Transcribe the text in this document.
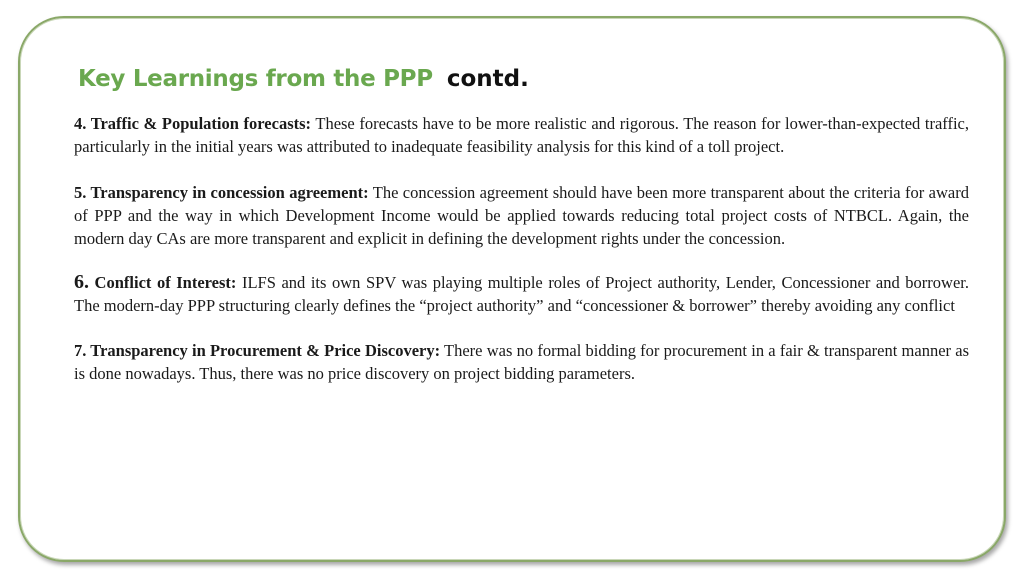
Key Learnings from the PPP contd.

4. Traffic & Population forecasts: These forecasts have to be more realistic and rigorous. The reason for lower-than-expected traffic, particularly in the initial years was attributed to inadequate feasibility analysis for this kind of a toll project.

5. Transparency in concession agreement: The concession agreement should have been more transparent about the criteria for award of PPP and the way in which Development Income would be applied towards reducing total project costs of NTBCL. Again, the modern day CAs are more transparent and explicit in defining the development rights under the concession.

6. Conflict of Interest: ILFS and its own SPV was playing multiple roles of Project authority, Lender, Concessioner and borrower. The modern-day PPP structuring clearly defines the “project authority” and “concessioner & borrower” thereby avoiding any conflict

7. Transparency in Procurement & Price Discovery: There was no formal bidding for procurement in a fair & transparent manner as is done nowadays. Thus, there was no price discovery on project bidding parameters.
